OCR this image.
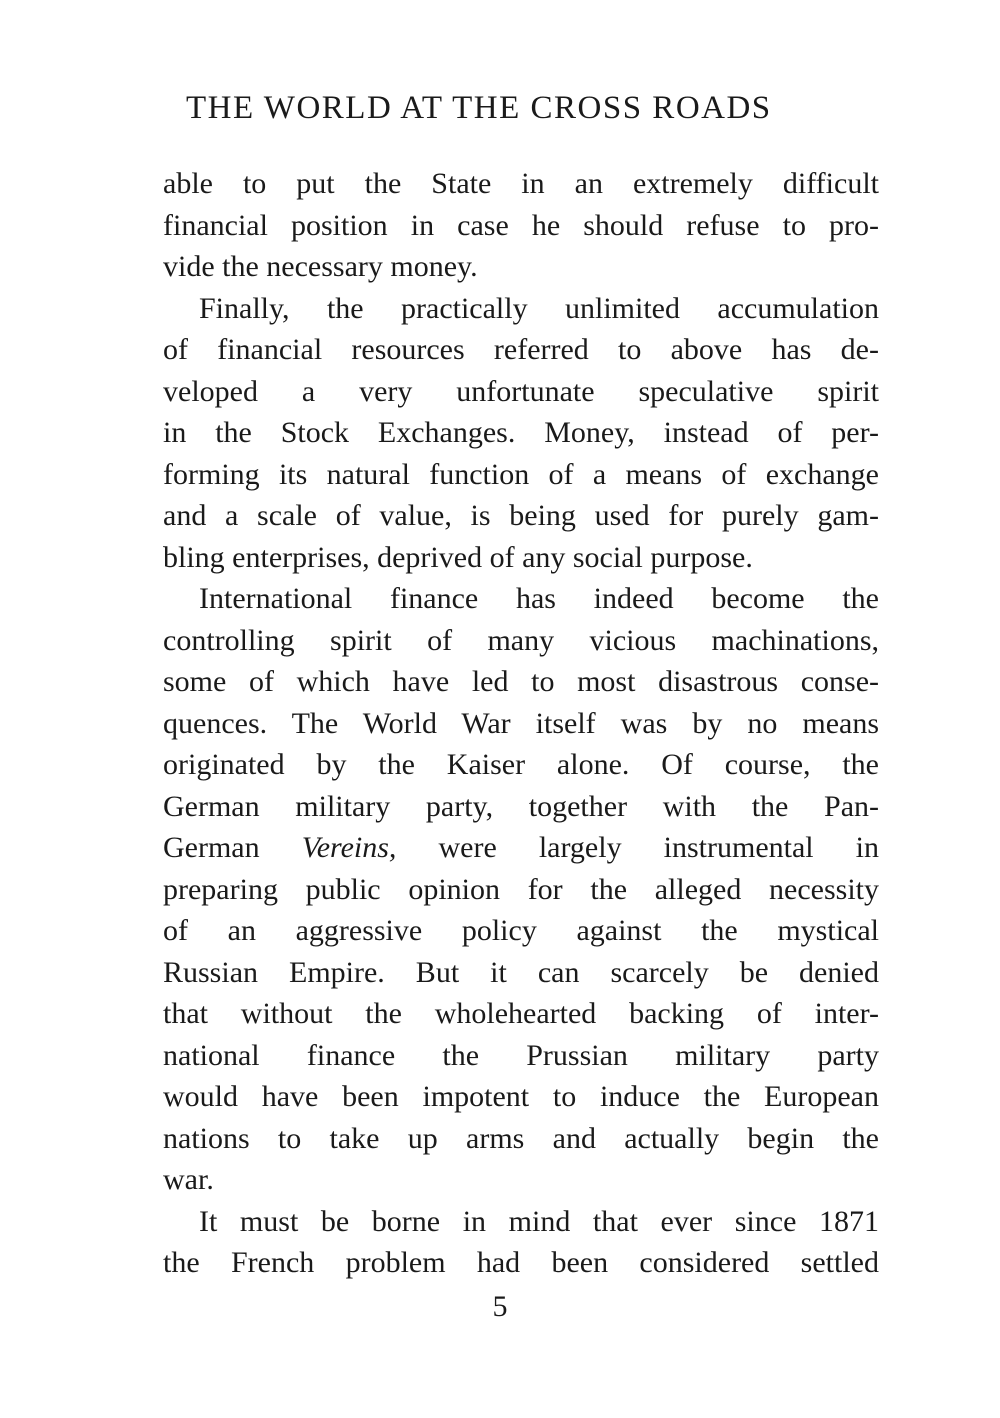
THE WORLD AT THE CROSS ROADS
able to put the State in an extremely difficult
financial position in case he should refuse to pro-
vide the necessary money.
Finally, the practically unlimited accumulation
of financial resources referred to above has de-
veloped a very unfortunate speculative spirit
in the Stock Exchanges. Money, instead of per-
forming its natural function of a means of exchange
and a scale of value, is being used for purely gam-
bling enterprises, deprived of any social purpose.
International finance has indeed become the
controlling spirit of many vicious machinations,
some of which have led to most disastrous conse-
quences. The World War itself was by no means
originated by the Kaiser alone. Of course, the
German military party, together with the Pan-
German Vereins, were largely instrumental in
preparing public opinion for the alleged necessity
of an aggressive policy against the mystical
Russian Empire. But it can scarcely be denied
that without the wholehearted backing of inter-
national finance the Prussian military party
would have been impotent to induce the European
nations to take up arms and actually begin the
war.
It must be borne in mind that ever since 1871
the French problem had been considered settled
5
